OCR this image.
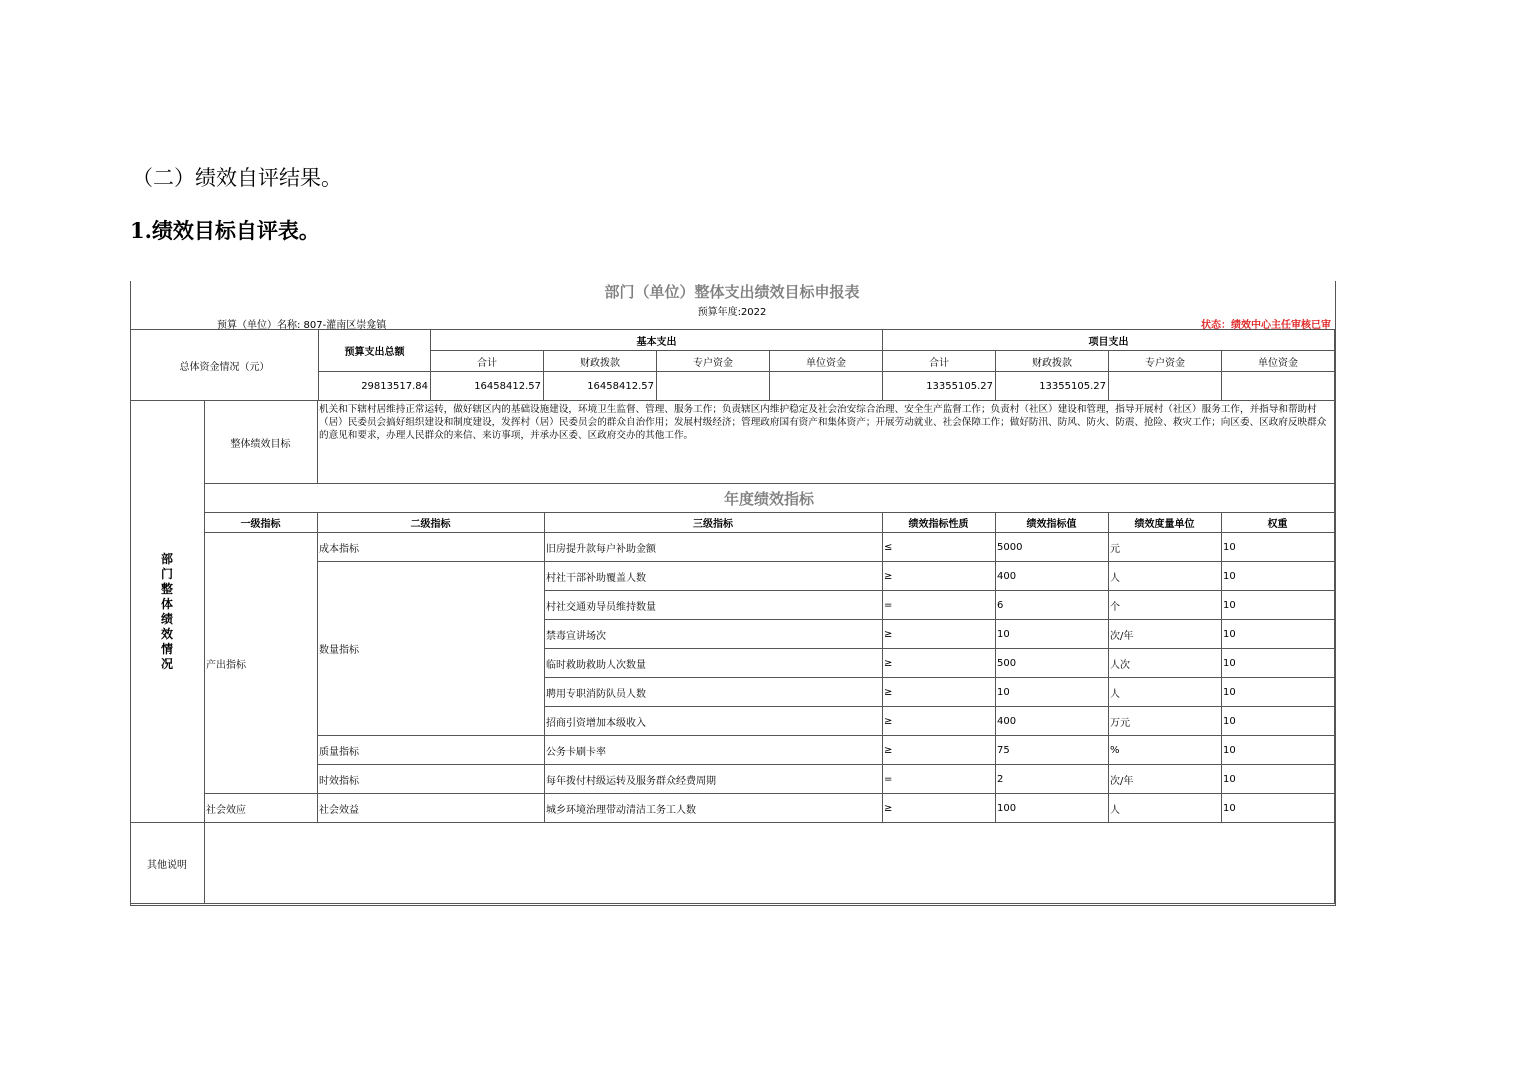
（二）绩效自评结果。
1.绩效目标自评表。
部门（单位）整体支出绩效目标申报表
预算年度:2022
预算（单位）名称: 807-灌南区崇龛镇	状态：绩效中心主任审核已审
总体资金情况（元）	预算支出总额	基本支出				项目支出			
		合计	财政拨款	专户资金	单位资金	合计	财政拨款	专户资金	单位资金
	29813517.84	16458412.57	16458412.57			13355105.27	13355105.27		
部门整体绩效情况	整体绩效目标	机关和下辖村居维持正常运转，做好辖区内的基础设施建设，环境卫生监督、管理、服务工作；负责辖区内维护稳定及社会治安综合治理、安全生产监督工作；负责村（社区）建设和管理，指导开展村（社区）服务工作，并指导和帮助村（居）民委员会搞好组织建设和制度建设，发挥村（居）民委员会的群众自治作用；发展村级经济；管理政府国有资产和集体资产；开展劳动就业、社会保障工作；做好防汛、防风、防火、防震、抢险、救灾工作；向区委、区政府反映群众的意见和要求，办理人民群众的来信、来访事项，并承办区委、区政府交办的其他工作。					
	年度绩效指标						
	一级指标	二级指标	三级指标	绩效指标性质	绩效指标值	绩效度量单位	权重
	产出指标	成本指标	旧房提升款每户补助金额	≤	5000	元	10
		数量指标	村社干部补助覆盖人数	≥	400	人	10
			村社交通劝导员维持数量	=	6	个	10
			禁毒宣讲场次	≥	10	次/年	10
			临时救助救助人次数量	≥	500	人次	10
			聘用专职消防队员人数	≥	10	人	10
			招商引资增加本级收入	≥	400	万元	10
		质量指标	公务卡刷卡率	≥	75	%	10
		时效指标	每年拨付村级运转及服务群众经费周期	=	2	次/年	10
	社会效应	社会效益	城乡环境治理带动清洁工务工人数	≥	100	人	10
其他说明							
